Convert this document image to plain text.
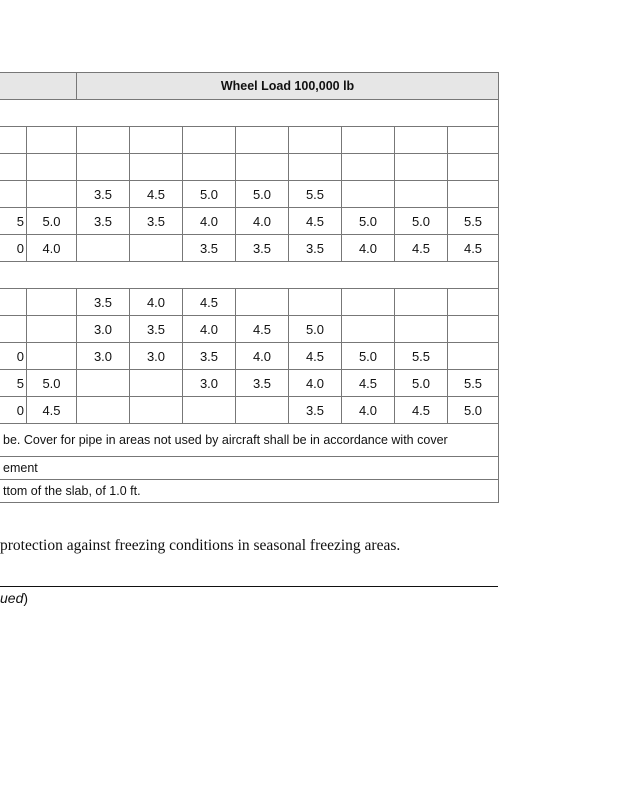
		Wheel Load 100,000 lb							

		3.5	4.5	5.0	5.0	5.5			
5	5.0	3.5	3.5	4.0	4.0	4.5	5.0	5.0	5.5
0	4.0			3.5	3.5	3.5	4.0	4.5	4.5

		3.5	4.0	4.5					
		3.0	3.5	4.0	4.5	5.0			
0		3.0	3.0	3.5	4.0	4.5	5.0	5.5	
5	5.0			3.0	3.5	4.0	4.5	5.0	5.5
0	4.5					3.5	4.0	4.5	5.0
be. Cover for pipe in areas not used by aircraft shall be in accordance with cover									
ement									
ttom of the slab, of 1.0 ft.									
protection against freezing conditions in seasonal freezing areas.
ued)
